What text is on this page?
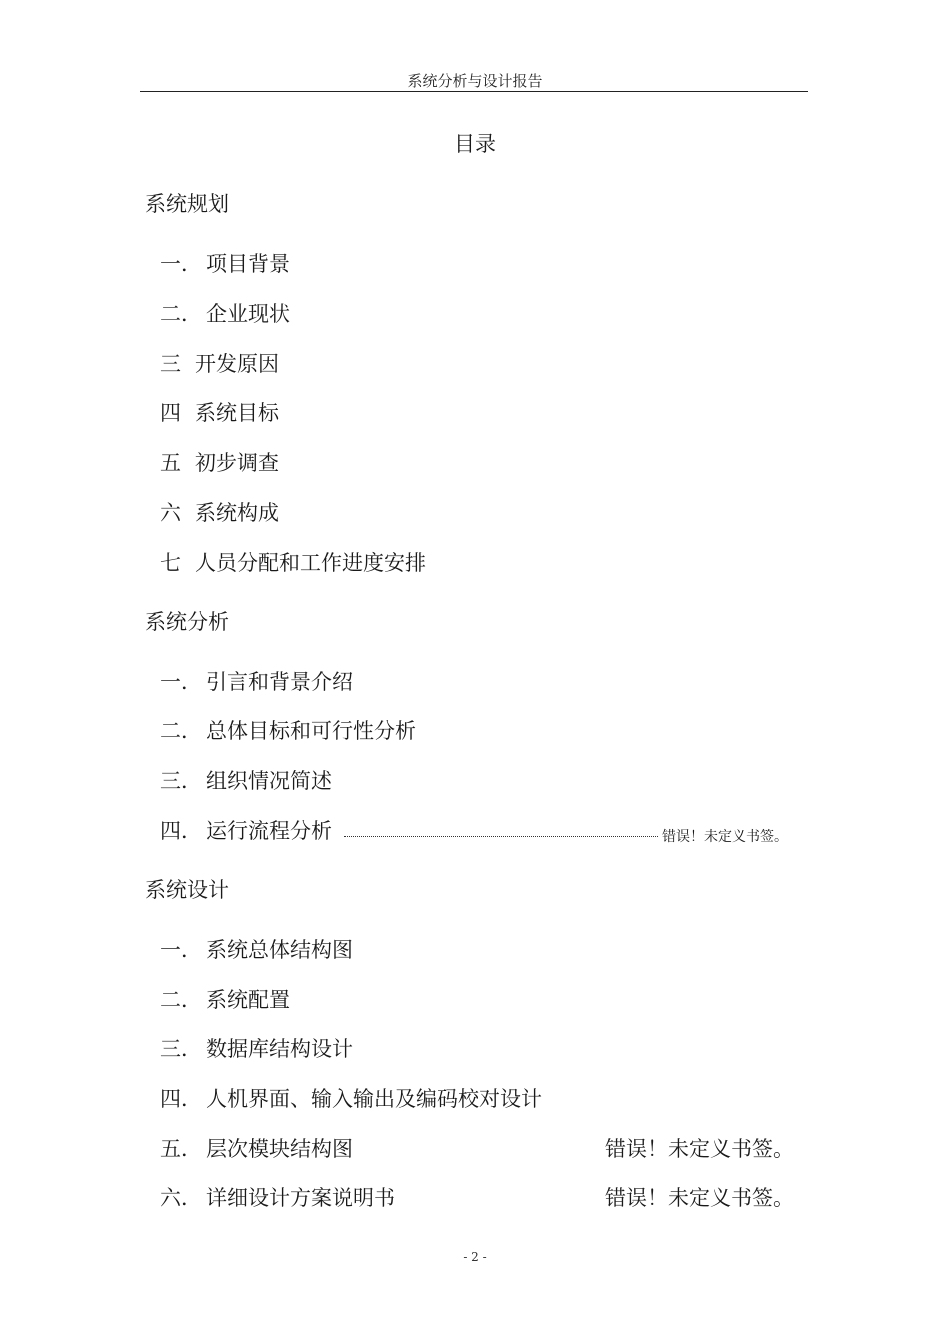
系统分析与设计报告
目录
系统规划
一． 项目背景
二． 企业现状
三 开发原因
四 系统目标
五 初步调查
六 系统构成
七 人员分配和工作进度安排
系统分析
一． 引言和背景介绍
二． 总体目标和可行性分析
三． 组织情况简述
四． 运行流程分析	错误！未定义书签。
系统设计
一． 系统总体结构图
二． 系统配置
三． 数据库结构设计
四． 人机界面、输入输出及编码校对设计
五． 层次模块结构图	错误！未定义书签。
六． 详细设计方案说明书	错误！未定义书签。
- 2 -
